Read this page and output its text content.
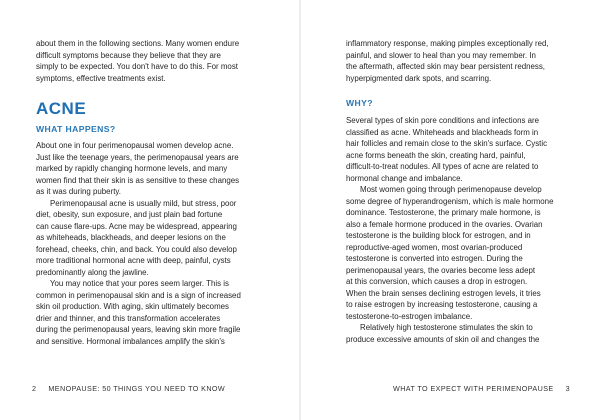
about them in the following sections. Many women endure
difficult symptoms because they believe that they are
simply to be expected. You don't have to do this. For most
symptoms, effective treatments exist.

ACNE
WHAT HAPPENS?

About one in four perimenopausal women develop acne.
Just like the teenage years, the perimenopausal years are
marked by rapidly changing hormone levels, and many
women find that their skin is as sensitive to these changes
as it was during puberty.

Perimenopausal acne is usually mild, but stress, poor
diet, obesity, sun exposure, and just plain bad fortune
can cause flare-ups. Acne may be widespread, appearing
as whiteheads, blackheads, and deeper lesions on the
forehead, cheeks, chin, and back. You could also develop
more traditional hormonal acne with deep, painful, cysts
predominantly along the jawline.

You may notice that your pores seem larger. This is
common in perimenopausal skin and is a sign of increased
skin oil production. With aging, skin ultimately becomes
drier and thinner, and this transformation accelerates
during the perimenopausal years, leaving skin more fragile
and sensitive. Hormonal imbalances amplify the skin's

2 MENOPAUSE: 50 THINGS YOU NEED TO KNOW

inflammatory response, making pimples exceptionally red,
painful, and slower to heal than you may remember. In
the aftermath, affected skin may bear persistent redness,
hyperpigmented dark spots, and scarring.

WHY?

Several types of skin pore conditions and infections are
classified as acne. Whiteheads and blackheads form in
hair follicles and remain close to the skin's surface. Cystic
acne forms beneath the skin, creating hard, painful,
difficult-to-treat nodules. All types of acne are related to
hormonal change and imbalance.

Most women going through perimenopause develop
some degree of hyperandrogenism, which is male hormone
dominance. Testosterone, the primary male hormone, is
also a female hormone produced in the ovaries. Ovarian
testosterone is the building block for estrogen, and in
reproductive-aged women, most ovarian-produced
testosterone is converted into estrogen. During the
perimenopausal years, the ovaries become less adept
at this conversion, which causes a drop in estrogen.
When the brain senses declining estrogen levels, it tries
to raise estrogen by increasing testosterone, causing a
testosterone-to-estrogen imbalance.

Relatively high testosterone stimulates the skin to
produce excessive amounts of skin oil and changes the

WHAT TO EXPECT WITH PERIMENOPAUSE 3
